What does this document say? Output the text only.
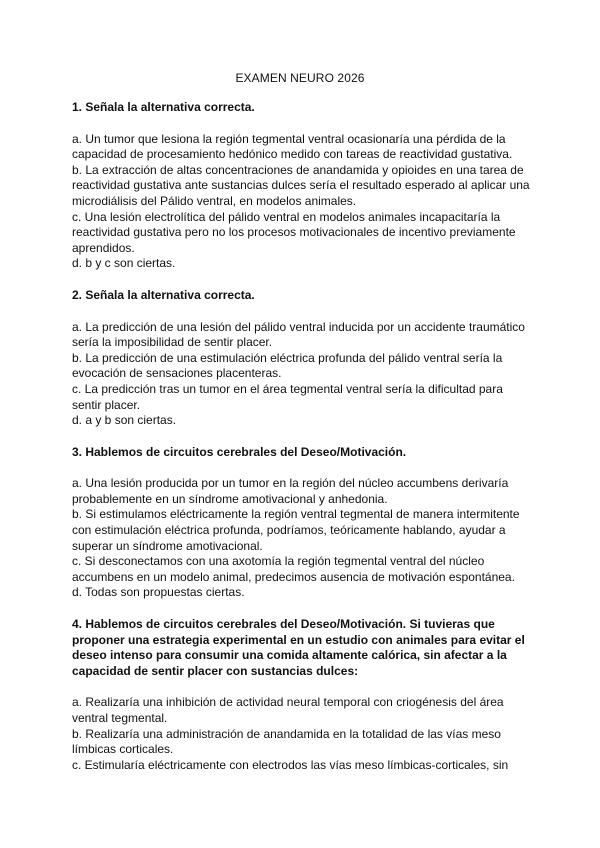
EXAMEN NEURO 2026
1. Señala la alternativa correcta.
a. Un tumor que lesiona la región tegmental ventral ocasionaría una pérdida de la capacidad de procesamiento hedónico medido con tareas de reactividad gustativa.
b. La extracción de altas concentraciones de anandamida y opioides en una tarea de reactividad gustativa ante sustancias dulces sería el resultado esperado al aplicar una microdiálisis del Pálido ventral, en modelos animales.
c. Una lesión electrolítica del pálido ventral en modelos animales incapacitaría la reactividad gustativa pero no los procesos motivacionales de incentivo previamente aprendidos.
d. b y c son ciertas.
2. Señala la alternativa correcta.
a. La predicción de una lesión del pálido ventral inducida por un accidente traumático sería la imposibilidad de sentir placer.
b. La predicción de una estimulación eléctrica profunda del pálido ventral sería la evocación de sensaciones placenteras.
c. La predicción tras un tumor en el área tegmental ventral sería la dificultad para sentir placer.
d. a y b son ciertas.
3. Hablemos de circuitos cerebrales del Deseo/Motivación.
a. Una lesión producida por un tumor en la región del núcleo accumbens derivaría probablemente en un síndrome amotivacional y anhedonia.
b. Si estimulamos eléctricamente la región ventral tegmental de manera intermitente con estimulación eléctrica profunda, podríamos, teóricamente hablando, ayudar a superar un síndrome amotivacional.
c. Si desconectamos con una axotomía la región tegmental ventral del núcleo accumbens en un modelo animal, predecimos ausencia de motivación espontánea.
d. Todas son propuestas ciertas.
4. Hablemos de circuitos cerebrales del Deseo/Motivación. Si tuvieras que proponer una estrategia experimental en un estudio con animales para evitar el deseo intenso para consumir una comida altamente calórica, sin afectar a la capacidad de sentir placer con sustancias dulces:
a. Realizaría una inhibición de actividad neural temporal con criogénesis del área ventral tegmental.
b. Realizaría una administración de anandamida en la totalidad de las vías meso límbicas corticales.
c. Estimularía eléctricamente con electrodos las vías meso límbicas-corticales, sin
